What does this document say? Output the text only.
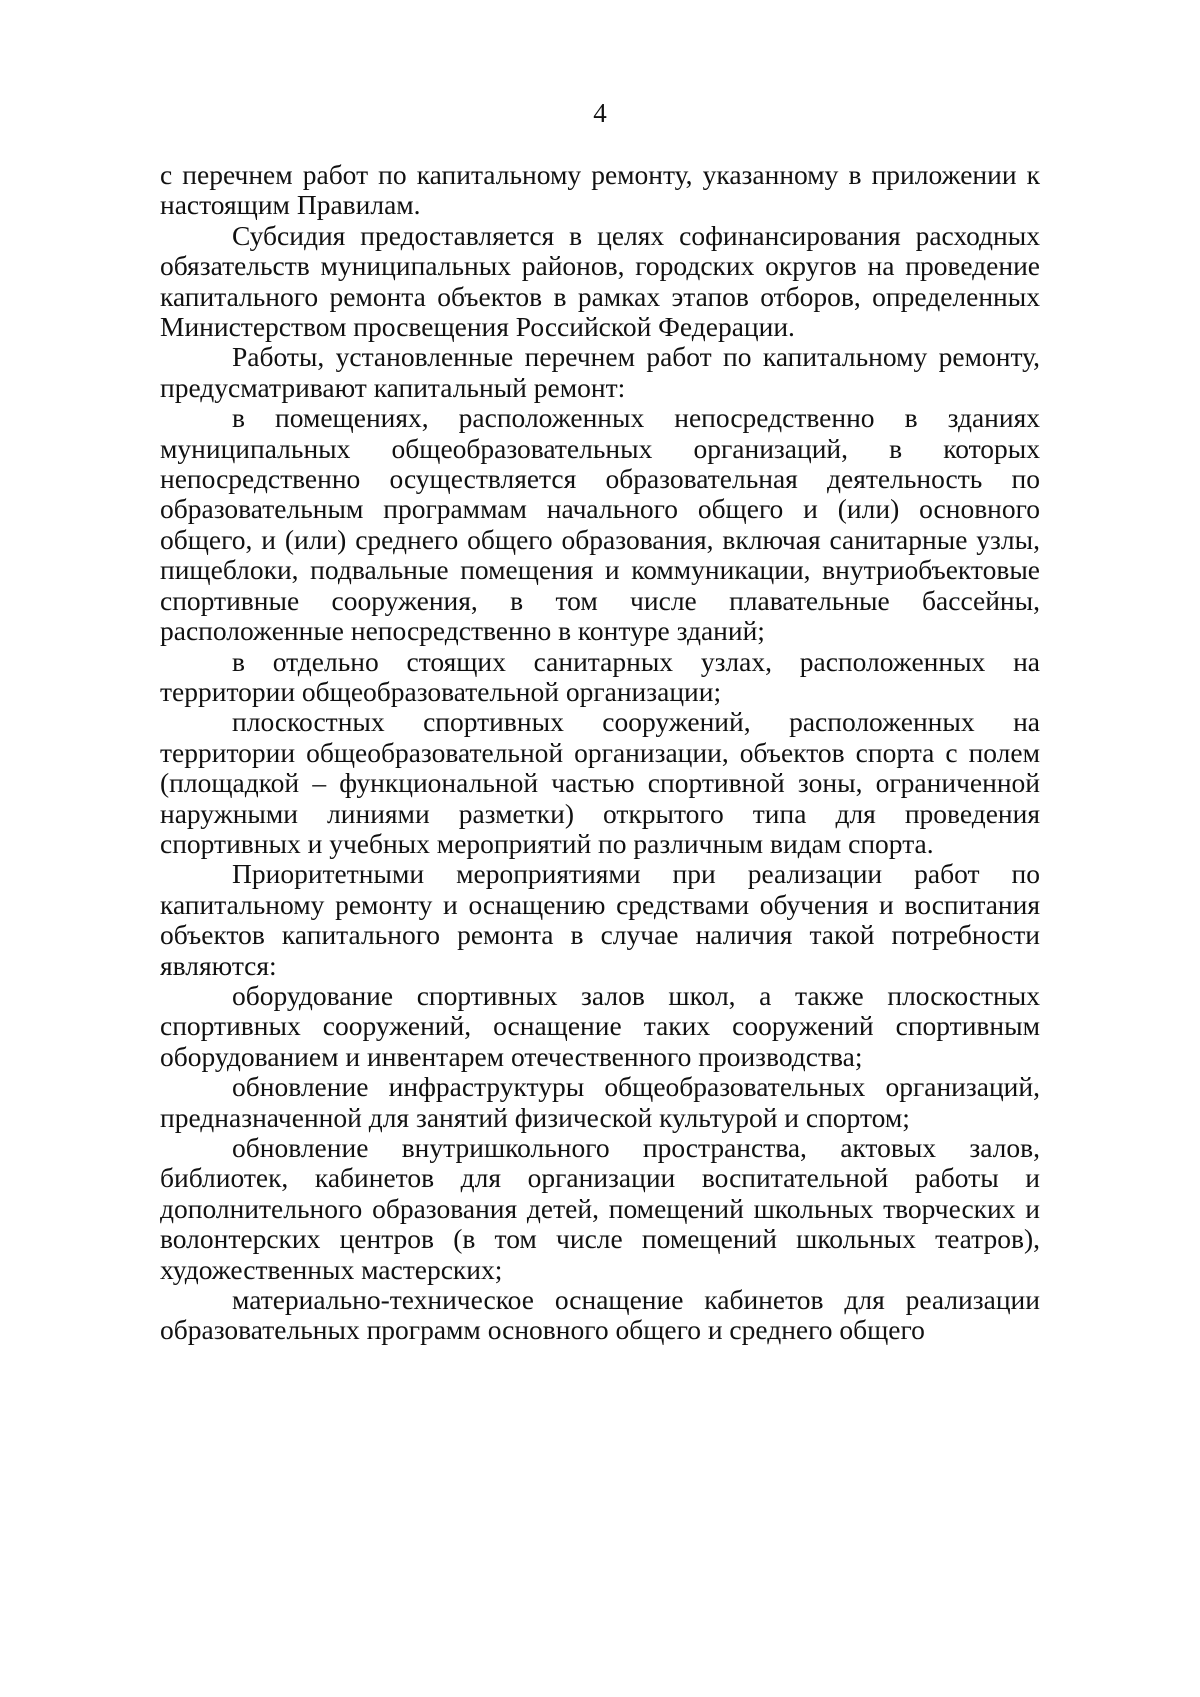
4

с перечнем работ по капитальному ремонту, указанному в приложении к настоящим Правилам.

Субсидия предоставляется в целях софинансирования расходных обязательств муниципальных районов, городских округов на проведение капитального ремонта объектов в рамках этапов отборов, определенных Министерством просвещения Российской Федерации.

Работы, установленные перечнем работ по капитальному ремонту, предусматривают капитальный ремонт:

в помещениях, расположенных непосредственно в зданиях муниципальных общеобразовательных организаций, в которых непосредственно осуществляется образовательная деятельность по образовательным программам начального общего и (или) основного общего, и (или) среднего общего образования, включая санитарные узлы, пищеблоки, подвальные помещения и коммуникации, внутриобъектовые спортивные сооружения, в том числе плавательные бассейны, расположенные непосредственно в контуре зданий;

в отдельно стоящих санитарных узлах, расположенных на территории общеобразовательной организации;

плоскостных спортивных сооружений, расположенных на территории общеобразовательной организации, объектов спорта с полем (площадкой – функциональной частью спортивной зоны, ограниченной наружными линиями разметки) открытого типа для проведения спортивных и учебных мероприятий по различным видам спорта.

Приоритетными мероприятиями при реализации работ по капитальному ремонту и оснащению средствами обучения и воспитания объектов капитального ремонта в случае наличия такой потребности являются:

оборудование спортивных залов школ, а также плоскостных спортивных сооружений, оснащение таких сооружений спортивным оборудованием и инвентарем отечественного производства;

обновление инфраструктуры общеобразовательных организаций, предназначенной для занятий физической культурой и спортом;

обновление внутришкольного пространства, актовых залов, библиотек, кабинетов для организации воспитательной работы и дополнительного образования детей, помещений школьных творческих и волонтерских центров (в том числе помещений школьных театров), художественных мастерских;

материально-техническое оснащение кабинетов для реализации образовательных программ основного общего и среднего общего
